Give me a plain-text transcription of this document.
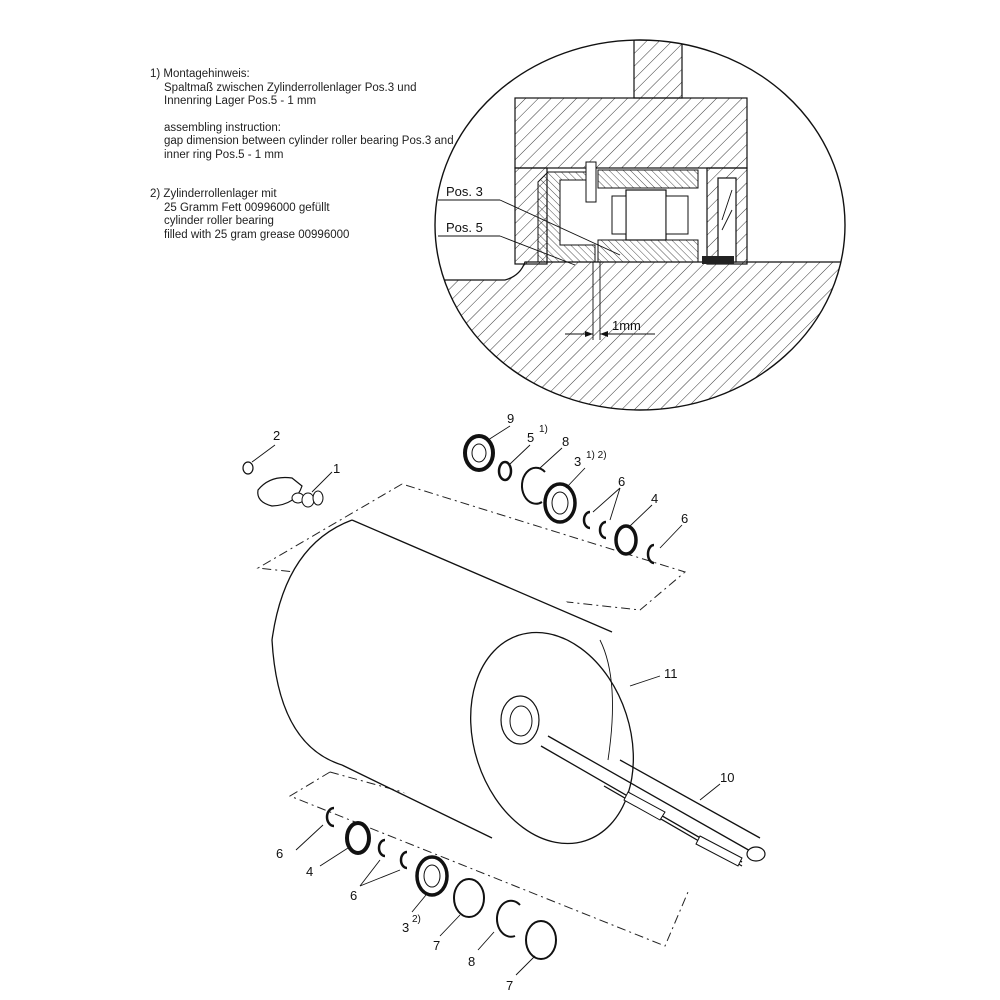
1) Montagehinweis:

Spaltmaß zwischen Zylinderrollenlager Pos.3 und

Innenring Lager Pos.5 - 1 mm

assembling instruction:

gap dimension between cylinder roller bearing Pos.3 and

inner ring Pos.5 - 1 mm

2) Zylinderrollenlager mit

25 Gramm Fett 00996000 gefüllt

cylinder roller bearing

filled with 25 gram grease 00996000

Pos. 3
Pos. 5
1mm
2
1
9
5
1)
8
3 1) 2)
6
4
6
11
10
6
4
6
3
2)
7
8
7
